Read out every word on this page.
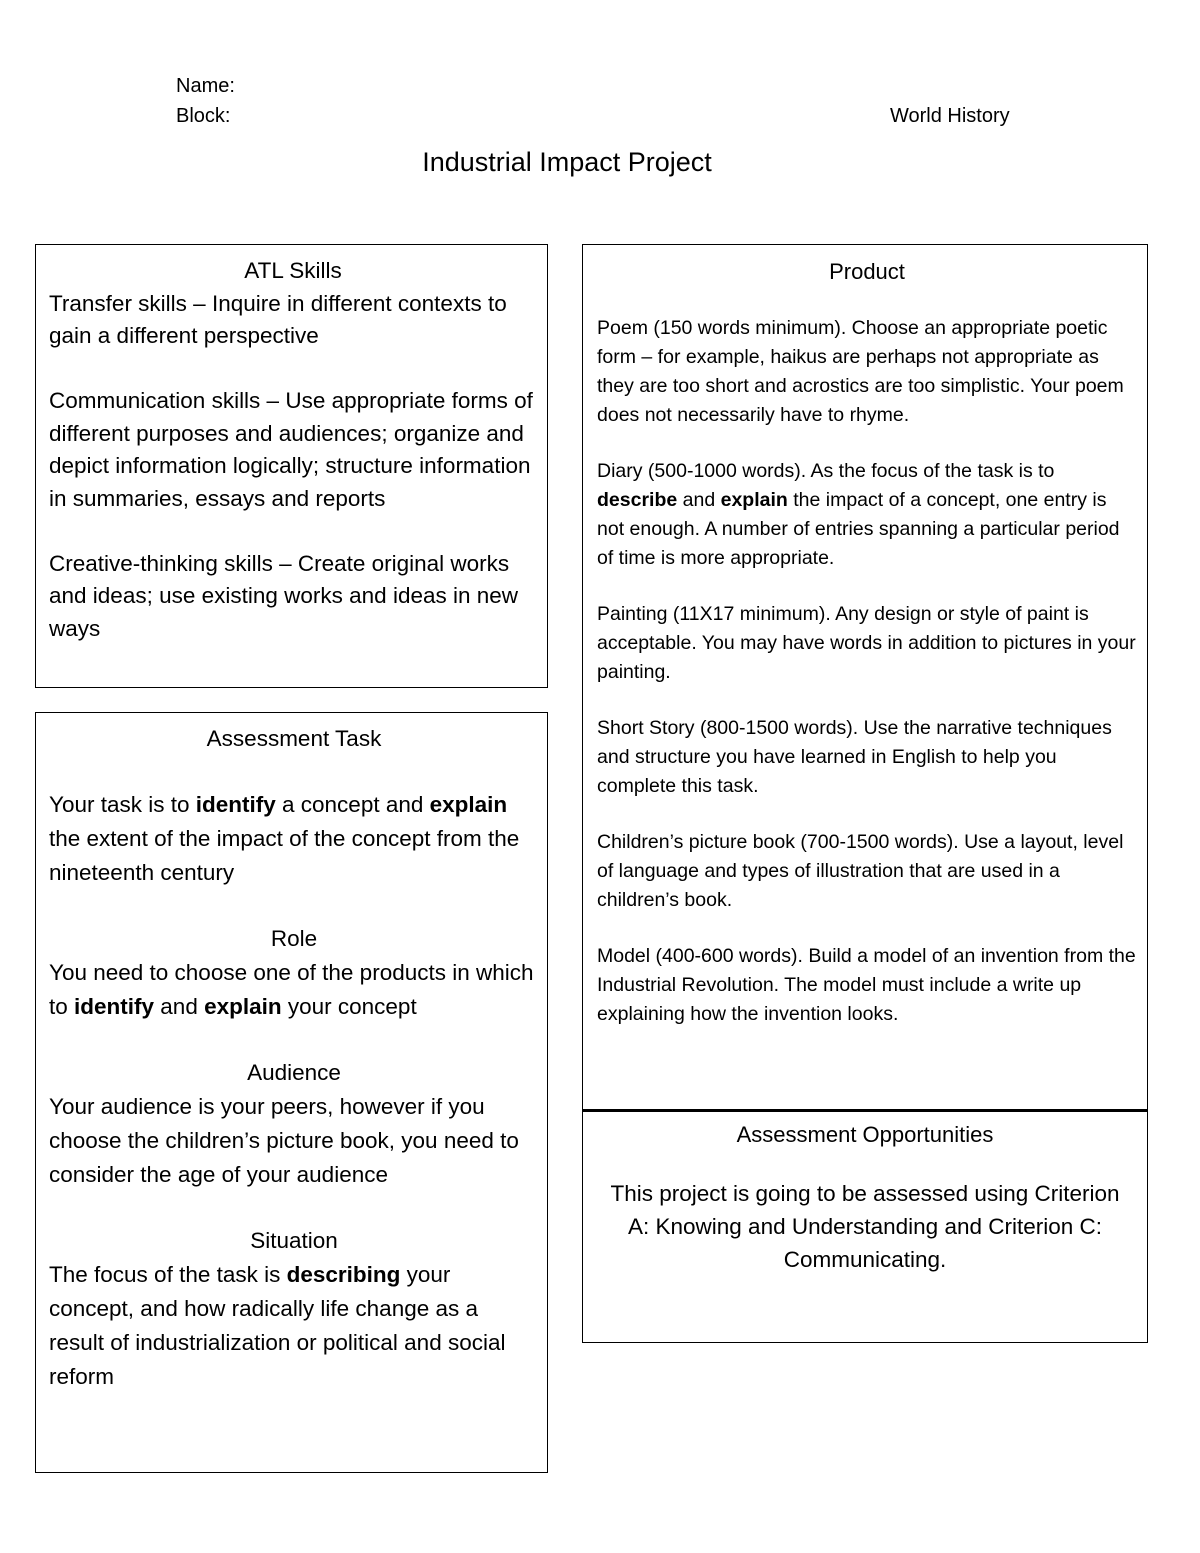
Name:
Block:	World History
Industrial Impact Project
ATL Skills

Transfer skills – Inquire in different contexts to gain a different perspective

Communication skills – Use appropriate forms of different purposes and audiences; organize and depict information logically; structure information in summaries, essays and reports

Creative-thinking skills – Create original works and ideas; use existing works and ideas in new ways

Assessment Task

Your task is to identify a concept and explain the extent of the impact of the concept from the nineteenth century

Role

You need to choose one of the products in which to identify and explain your concept

Audience

Your audience is your peers, however if you choose the children’s picture book, you need to consider the age of your audience

Situation

The focus of the task is describing your concept, and how radically life change as a result of industrialization or political and social reform

Product

Poem (150 words minimum). Choose an appropriate poetic form – for example, haikus are perhaps not appropriate as they are too short and acrostics are too simplistic. Your poem does not necessarily have to rhyme.

Diary (500-1000 words). As the focus of the task is to describe and explain the impact of a concept, one entry is not enough. A number of entries spanning a particular period of time is more appropriate.

Painting (11X17 minimum). Any design or style of paint is acceptable. You may have words in addition to pictures in your painting.

Short Story (800-1500 words). Use the narrative techniques and structure you have learned in English to help you complete this task.

Children’s picture book (700-1500 words). Use a layout, level of language and types of illustration that are used in a children’s book.

Model (400-600 words). Build a model of an invention from the Industrial Revolution. The model must include a write up explaining how the invention looks.

Assessment Opportunities
This project is going to be assessed using Criterion A: Knowing and Understanding and Criterion C: Communicating.
